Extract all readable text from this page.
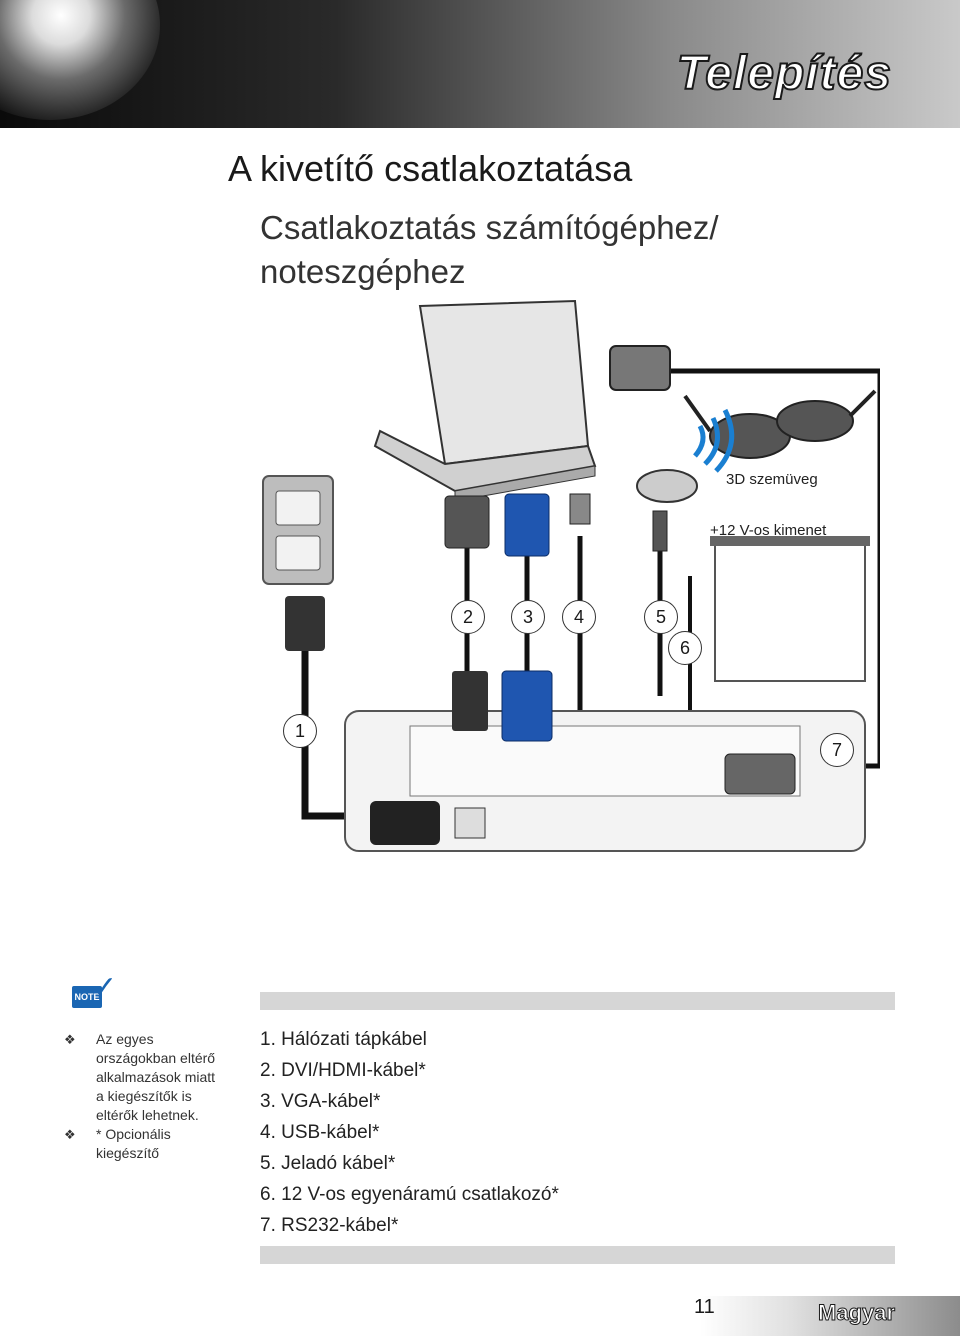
Telepítés
A kivetítő csatlakoztatása
Csatlakoztatás számítógéphez/ noteszgéphez
3D szemüveg
+12 V-os kimenet
1
2	3	4	5
6
7
NOTE
✓
❖ Az egyes országokban eltérő alkalmazások miatt a kiegészítők is eltérők lehetnek.
❖ * Opcionális kiegészítő
1. Hálózati tápkábel
2. DVI/HDMI-kábel*
3. VGA-kábel*
4. USB-kábel*
5. Jeladó kábel*
6. 12 V-os egyenáramú csatlakozó*
7. RS232-kábel*
11	Magyar
